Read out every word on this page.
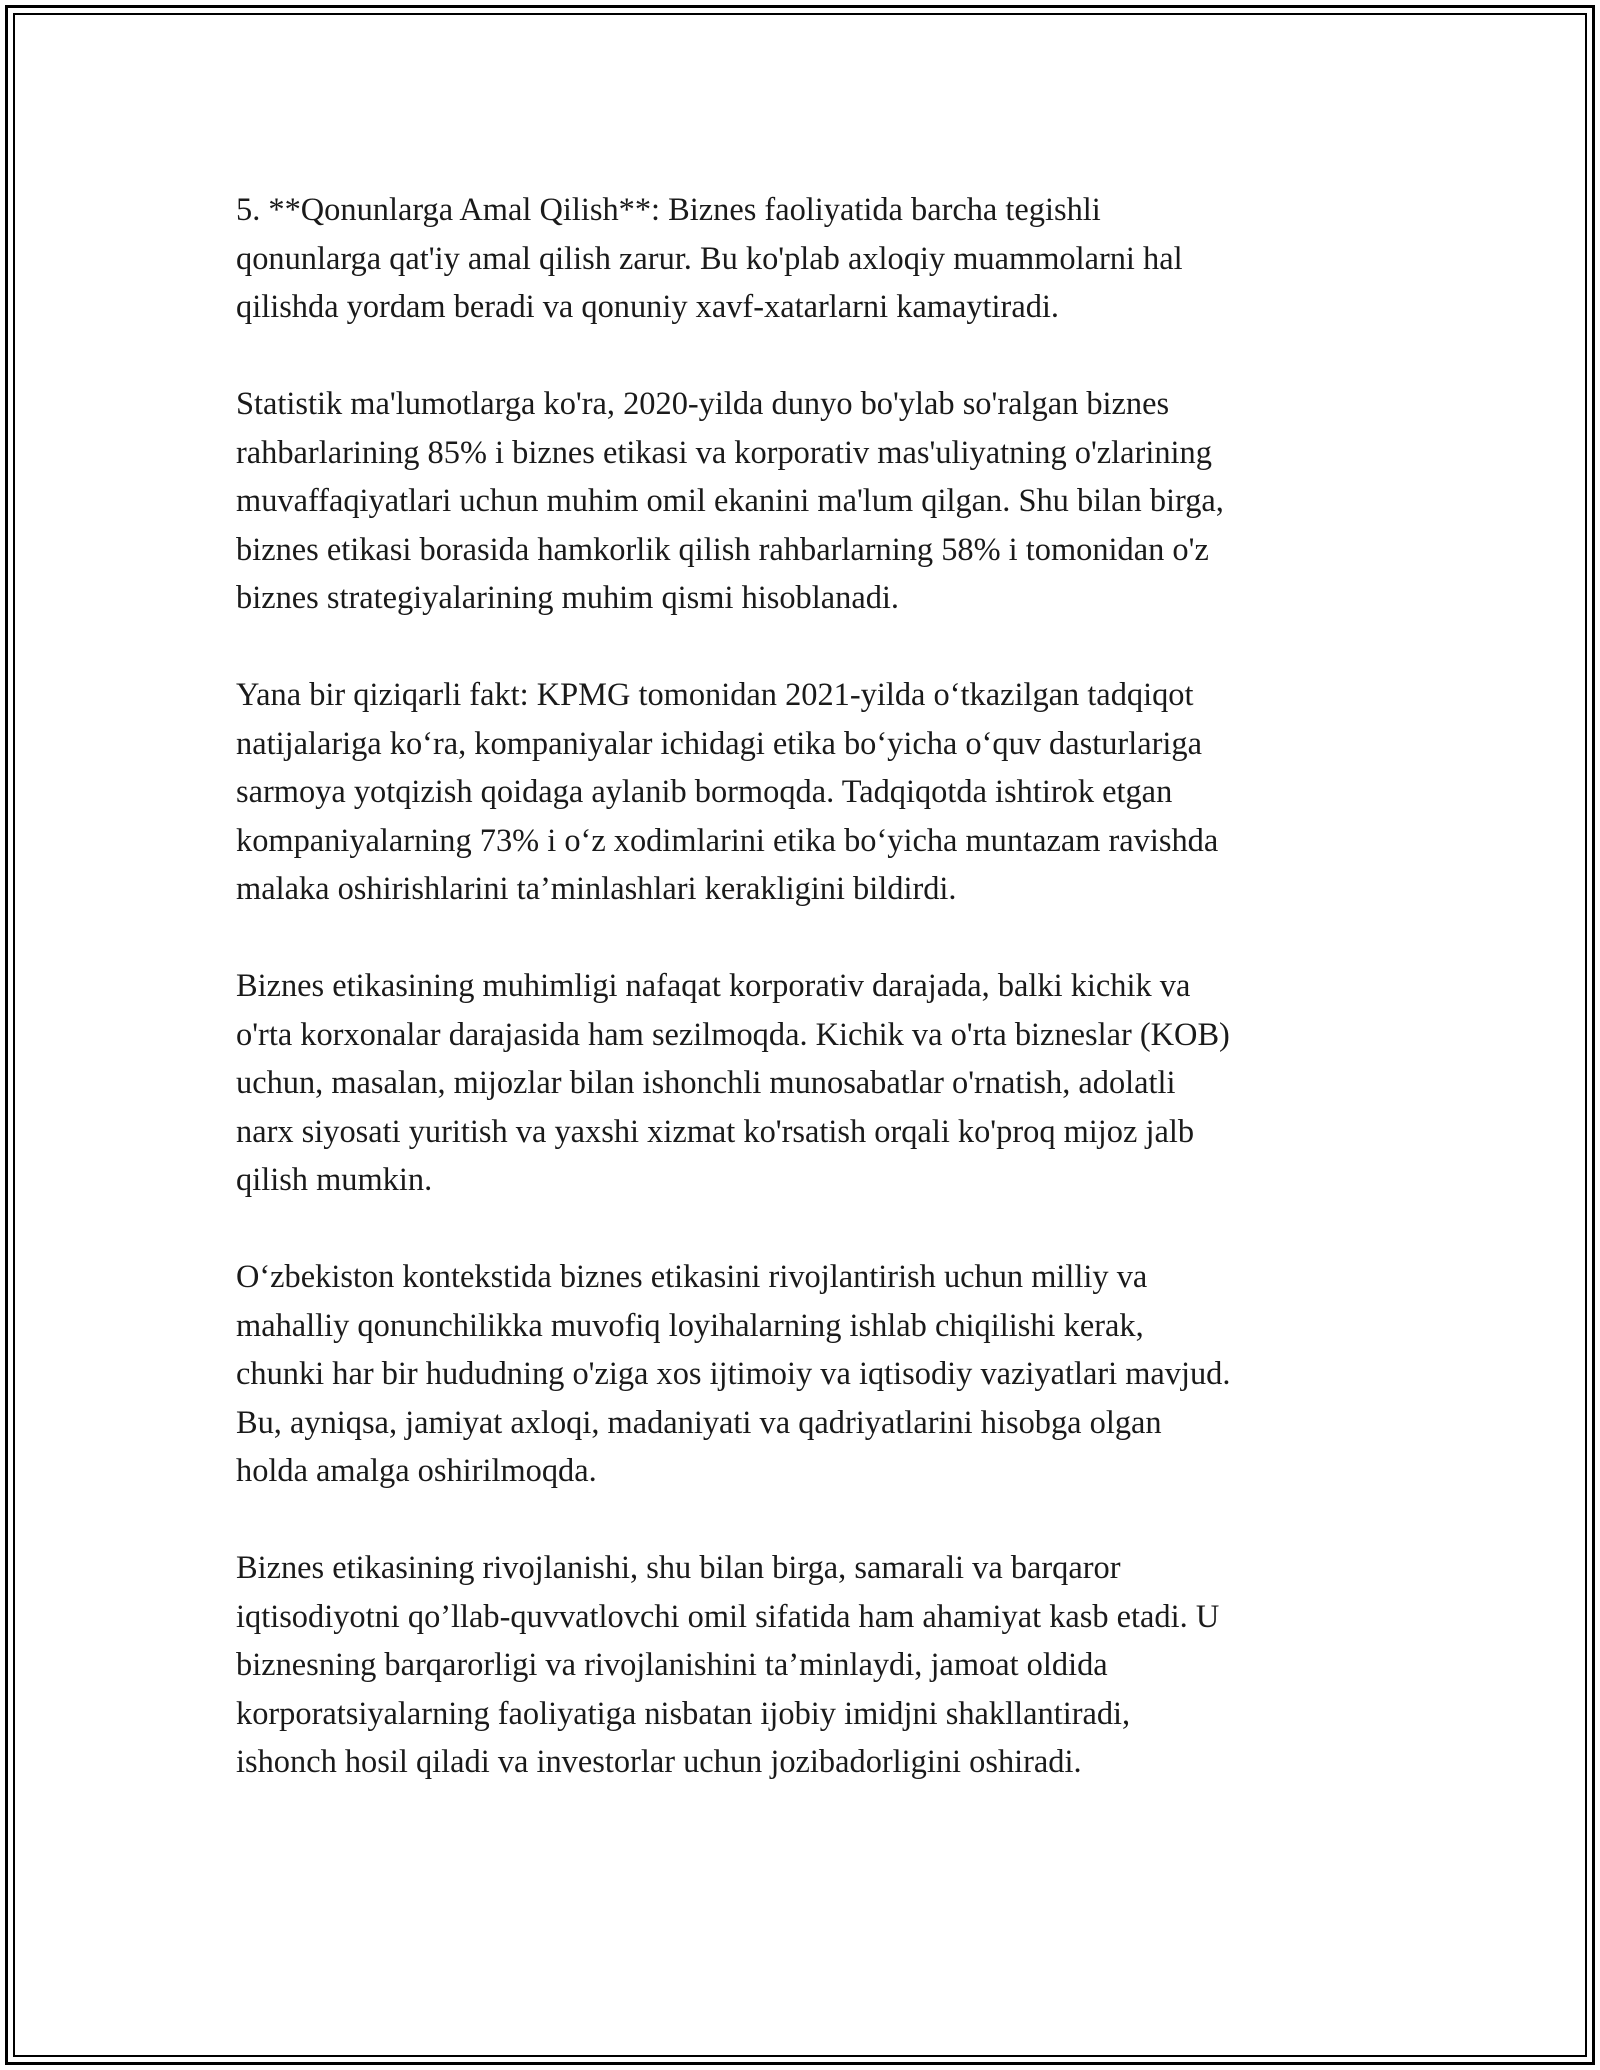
5. **Qonunlarga Amal Qilish**: Biznes faoliyatida barcha tegishli
qonunlarga qat'iy amal qilish zarur. Bu ko'plab axloqiy muammolarni hal
qilishda yordam beradi va qonuniy xavf-xatarlarni kamaytiradi.

Statistik ma'lumotlarga ko'ra, 2020-yilda dunyo bo'ylab so'ralgan biznes
rahbarlarining 85% i biznes etikasi va korporativ mas'uliyatning o'zlarining
muvaffaqiyatlari uchun muhim omil ekanini ma'lum qilgan. Shu bilan birga,
biznes etikasi borasida hamkorlik qilish rahbarlarning 58% i tomonidan o'z
biznes strategiyalarining muhim qismi hisoblanadi.

Yana bir qiziqarli fakt: KPMG tomonidan 2021-yilda oʻtkazilgan tadqiqot
natijalariga koʻra, kompaniyalar ichidagi etika boʻyicha oʻquv dasturlariga
sarmoya yotqizish qoidaga aylanib bormoqda. Tadqiqotda ishtirok etgan
kompaniyalarning 73% i oʻz xodimlarini etika boʻyicha muntazam ravishda
malaka oshirishlarini ta’minlashlari kerakligini bildirdi.

Biznes etikasining muhimligi nafaqat korporativ darajada, balki kichik va
o'rta korxonalar darajasida ham sezilmoqda. Kichik va o'rta bizneslar (KOB)
uchun, masalan, mijozlar bilan ishonchli munosabatlar o'rnatish, adolatli
narx siyosati yuritish va yaxshi xizmat ko'rsatish orqali ko'proq mijoz jalb
qilish mumkin.

Oʻzbekiston kontekstida biznes etikasini rivojlantirish uchun milliy va
mahalliy qonunchilikka muvofiq loyihalarning ishlab chiqilishi kerak,
chunki har bir hududning o'ziga xos ijtimoiy va iqtisodiy vaziyatlari mavjud.
Bu, ayniqsa, jamiyat axloqi, madaniyati va qadriyatlarini hisobga olgan
holda amalga oshirilmoqda.

Biznes etikasining rivojlanishi, shu bilan birga, samarali va barqaror
iqtisodiyotni qo’llab-quvvatlovchi omil sifatida ham ahamiyat kasb etadi. U
biznesning barqarorligi va rivojlanishini ta’minlaydi, jamoat oldida
korporatsiyalarning faoliyatiga nisbatan ijobiy imidjni shakllantiradi,
ishonch hosil qiladi va investorlar uchun jozibadorligini oshiradi.
